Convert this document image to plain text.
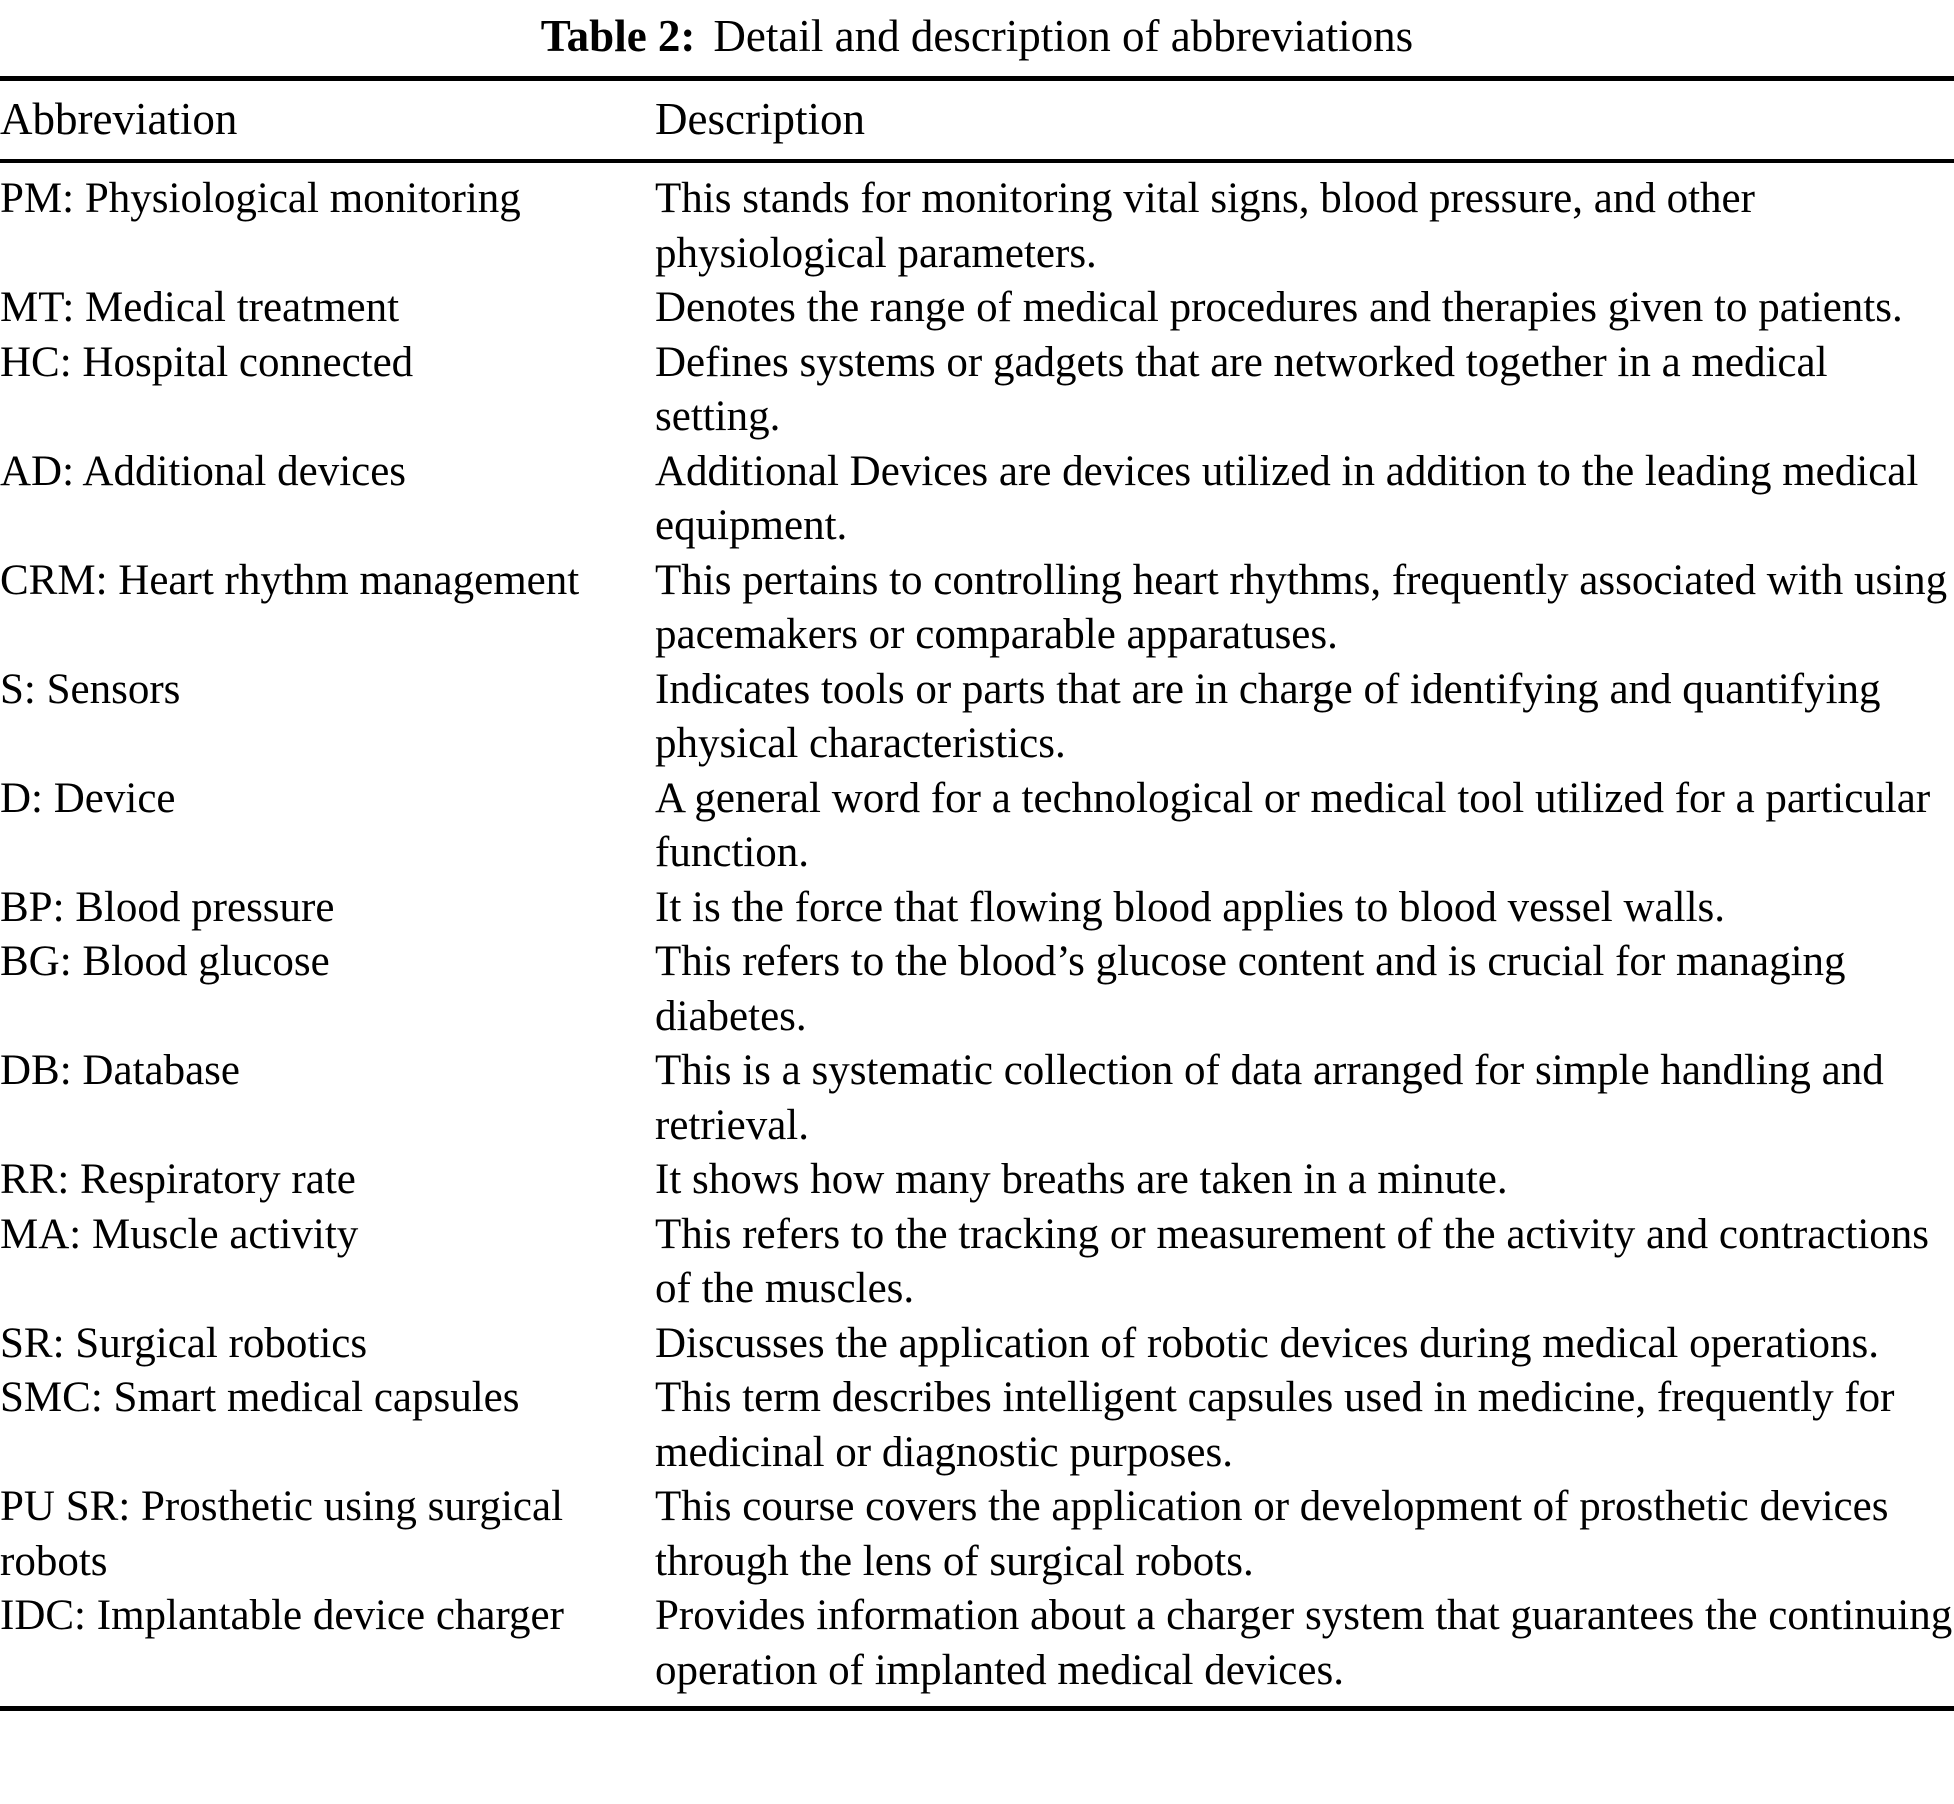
Table 2: Detail and description of abbreviations
Abbreviation	Description
PM: Physiological monitoring	This stands for monitoring vital signs, blood pressure, and other physiological parameters.
MT: Medical treatment	Denotes the range of medical procedures and therapies given to patients.
HC: Hospital connected	Defines systems or gadgets that are networked together in a medical setting.
AD: Additional devices	Additional Devices are devices utilized in addition to the leading medical equipment.
CRM: Heart rhythm management	This pertains to controlling heart rhythms, frequently associated with using pacemakers or comparable apparatuses.
S: Sensors	Indicates tools or parts that are in charge of identifying and quantifying physical characteristics.
D: Device	A general word for a technological or medical tool utilized for a particular function.
BP: Blood pressure	It is the force that flowing blood applies to blood vessel walls.
BG: Blood glucose	This refers to the blood’s glucose content and is crucial for managing diabetes.
DB: Database	This is a systematic collection of data arranged for simple handling and retrieval.
RR: Respiratory rate	It shows how many breaths are taken in a minute.
MA: Muscle activity	This refers to the tracking or measurement of the activity and contractions of the muscles.
SR: Surgical robotics	Discusses the application of robotic devices during medical operations.
SMC: Smart medical capsules	This term describes intelligent capsules used in medicine, frequently for medicinal or diagnostic purposes.
PU SR: Prosthetic using surgical robots	This course covers the application or development of prosthetic devices through the lens of surgical robots.
IDC: Implantable device charger	Provides information about a charger system that guarantees the continuing operation of implanted medical devices.
